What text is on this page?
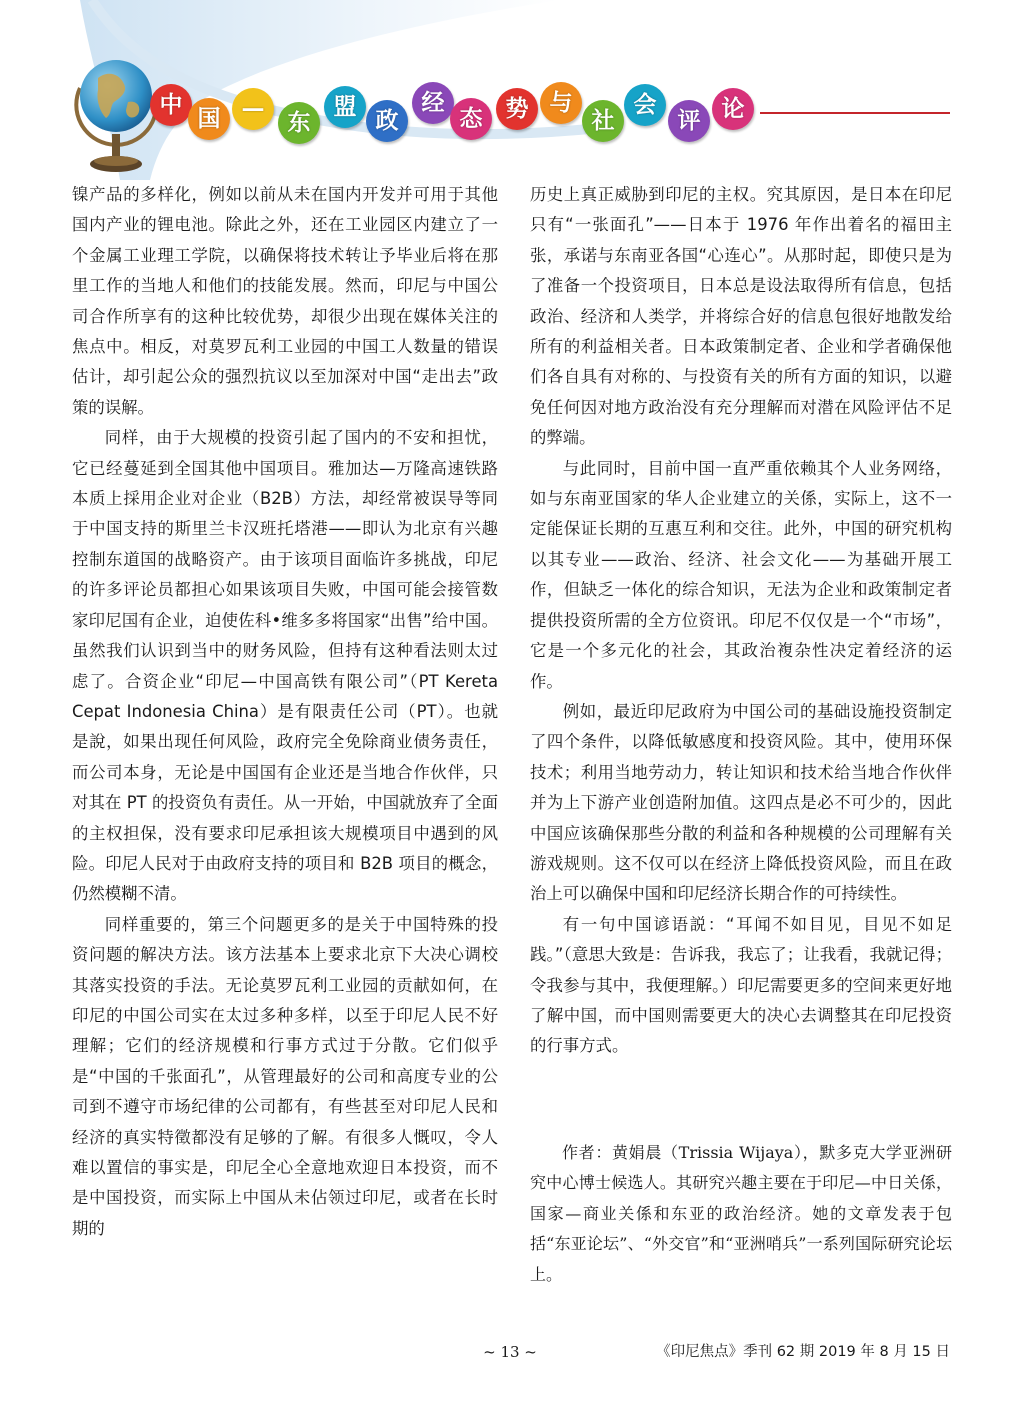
中
国 —
东
盟
政
经
态	势 与
社
会
评 论

镍产品的多样化，例如以前从未在国内开发并可用于其他国内产业的锂电池。除此之外，还在工业园区内建立了一个金属工业理工学院，以确保将技术转让予毕业后将在那里工作的当地人和他们的技能发展。然而，印尼与中国公司合作所享有的这种比较优势，却很少出现在媒体关注的焦点中。相反，对莫罗瓦利工业园的中国工人数量的错误估计，却引起公众的强烈抗议以至加深对中国“走出去”政策的误解。

同样，由于大规模的投资引起了国内的不安和担忧，它已经蔓延到全国其他中国项目。雅加达—万隆高速铁路本质上採用企业对企业（B2B）方法，却经常被误导等同于中国支持的斯里兰卡汉班托塔港——即认为北京有兴趣控制东道国的战略资产。由于该项目面临许多挑战，印尼的许多评论员都担心如果该项目失败，中国可能会接管数家印尼国有企业，迫使佐科•维多多将国家“出售”给中国。虽然我们认识到当中的财务风险，但持有这种看法则太过虑了。合资企业“印尼—中国高铁有限公司”（PT Kereta Cepat Indonesia China）是有限责任公司（PT）。也就是說，如果出现任何风险，政府完全免除商业债务责任，而公司本身，无论是中国国有企业还是当地合作伙伴，只对其在 PT 的投资负有责任。从一开始，中国就放弃了全面的主权担保，没有要求印尼承担该大规模项目中遇到的风险。印尼人民对于由政府支持的项目和 B2B 项目的概念，仍然模糊不清。

同样重要的，第三个问题更多的是关于中国特殊的投资问题的解决方法。该方法基本上要求北京下大决心调校其落实投资的手法。无论莫罗瓦利工业园的贡献如何，在印尼的中国公司实在太过多种多样，以至于印尼人民不好理解；它们的经济规模和行事方式过于分散。它们似乎是“中国的千张面孔”，从管理最好的公司和高度专业的公司到不遵守市场纪律的公司都有，有些甚至对印尼人民和经济的真实特徵都没有足够的了解。有很多人慨叹，令人难以置信的事实是，印尼全心全意地欢迎日本投资，而不是中国投资，而实际上中国从未佔领过印尼，或者在长时期的

历史上真正威胁到印尼的主权。究其原因，是日本在印尼只有“一张面孔”——日本于 1976 年作出着名的福田主张，承诺与东南亚各国“心连心”。从那时起，即使只是为了准备一个投资项目，日本总是设法取得所有信息，包括政治、经济和人类学，并将综合好的信息包很好地散发给所有的利益相关者。日本政策制定者、企业和学者确保他们各自具有对称的、与投资有关的所有方面的知识，以避免任何因对地方政治没有充分理解而对潜在风险评估不足的弊端。

与此同时，目前中国一直严重依赖其个人业务网络，如与东南亚国家的华人企业建立的关係，实际上，这不一定能保证长期的互惠互利和交往。此外，中国的研究机构以其专业——政治、经济、社会文化——为基础开展工作，但缺乏一体化的综合知识，无法为企业和政策制定者提供投资所需的全方位资讯。印尼不仅仅是一个“市场”，它是一个多元化的社会，其政治複杂性决定着经济的运作。

例如，最近印尼政府为中国公司的基础设施投资制定了四个条件，以降低敏感度和投资风险。其中，使用环保技术；利用当地劳动力，转让知识和技术给当地合作伙伴并为上下游产业创造附加值。这四点是必不可少的，因此中国应该确保那些分散的利益和各种规模的公司理解有关游戏规则。这不仅可以在经济上降低投资风险，而且在政治上可以确保中国和印尼经济长期合作的可持续性。

有一句中国谚语説：“耳闻不如目见，目见不如足践。”（意思大致是：告诉我，我忘了；让我看，我就记得；令我参与其中，我便理解。）印尼需要更多的空间来更好地了解中国，而中国则需要更大的决心去调整其在印尼投资的行事方式。

作者：黄娟晨（Trissia Wijaya），默多克大学亚洲研究中心博士候选人。其研究兴趣主要在于印尼—中日关係，国家—商业关係和东亚的政治经济。她的文章发表于包括“东亚论坛”、“外交官”和“亚洲哨兵”一系列国际研究论坛上。
~ 13 ~	《印尼焦点》季刊 62 期 2019 年 8 月 15 日
